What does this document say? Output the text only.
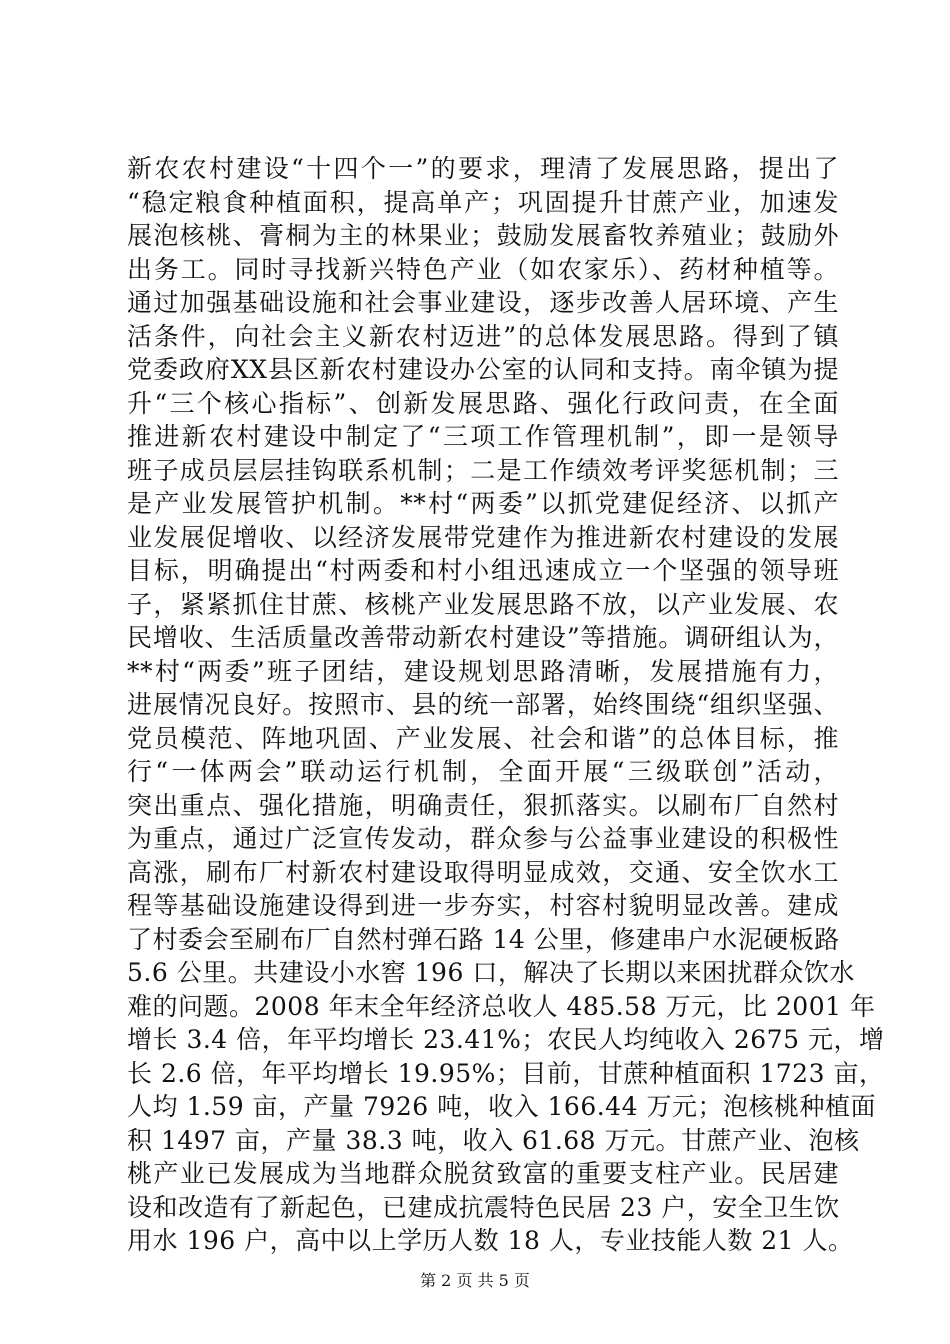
新农农村建设“十四个一”的要求，理清了发展思路，提出了
“稳定粮食种植面积，提高单产；巩固提升甘蔗产业，加速发
展泡核桃、膏桐为主的林果业；鼓励发展畜牧养殖业；鼓励外
出务工。同时寻找新兴特色产业（如农家乐）、药材种植等。
通过加强基础设施和社会事业建设，逐步改善人居环境、产生
活条件，向社会主义新农村迈进”的总体发展思路。得到了镇
党委政府XX县区新农村建设办公室的认同和支持。南伞镇为提
升“三个核心指标”、创新发展思路、强化行政问责，在全面
推进新农村建设中制定了“三项工作管理机制”，即一是领导
班子成员层层挂钩联系机制；二是工作绩效考评奖惩机制；三
是产业发展管护机制。**村“两委”以抓党建促经济、以抓产
业发展促增收、以经济发展带党建作为推进新农村建设的发展
目标，明确提出“村两委和村小组迅速成立一个坚强的领导班
子，紧紧抓住甘蔗、核桃产业发展思路不放，以产业发展、农
民增收、生活质量改善带动新农村建设”等措施。调研组认为，
**村“两委”班子团结，建设规划思路清晰，发展措施有力，
进展情况良好。按照市、县的统一部署，始终围绕“组织坚强、
党员模范、阵地巩固、产业发展、社会和谐”的总体目标，推
行“一体两会”联动运行机制，全面开展“三级联创”活动，
突出重点、强化措施，明确责任，狠抓落实。以刷布厂自然村
为重点，通过广泛宣传发动，群众参与公益事业建设的积极性
高涨，刷布厂村新农村建设取得明显成效，交通、安全饮水工
程等基础设施建设得到进一步夯实，村容村貌明显改善。建成
了村委会至刷布厂自然村弹石路 14 公里，修建串户水泥硬板路
5.6 公里。共建设小水窖 196 口，解决了长期以来困扰群众饮水
难的问题。2008 年末全年经济总收人 485.58 万元，比 2001 年
增长 3.4 倍，年平均增长 23.41%；农民人均纯收入 2675 元，增
长 2.6 倍，年平均增长 19.95%；目前，甘蔗种植面积 1723 亩，
人均 1.59 亩，产量 7926 吨，收入 166.44 万元；泡核桃种植面
积 1497 亩，产量 38.3 吨，收入 61.68 万元。甘蔗产业、泡核
桃产业已发展成为当地群众脱贫致富的重要支柱产业。民居建
设和改造有了新起色，已建成抗震特色民居 23 户，安全卫生饮
用水 196 户，高中以上学历人数 18 人，专业技能人数 21 人。
第 2 页 共 5 页
